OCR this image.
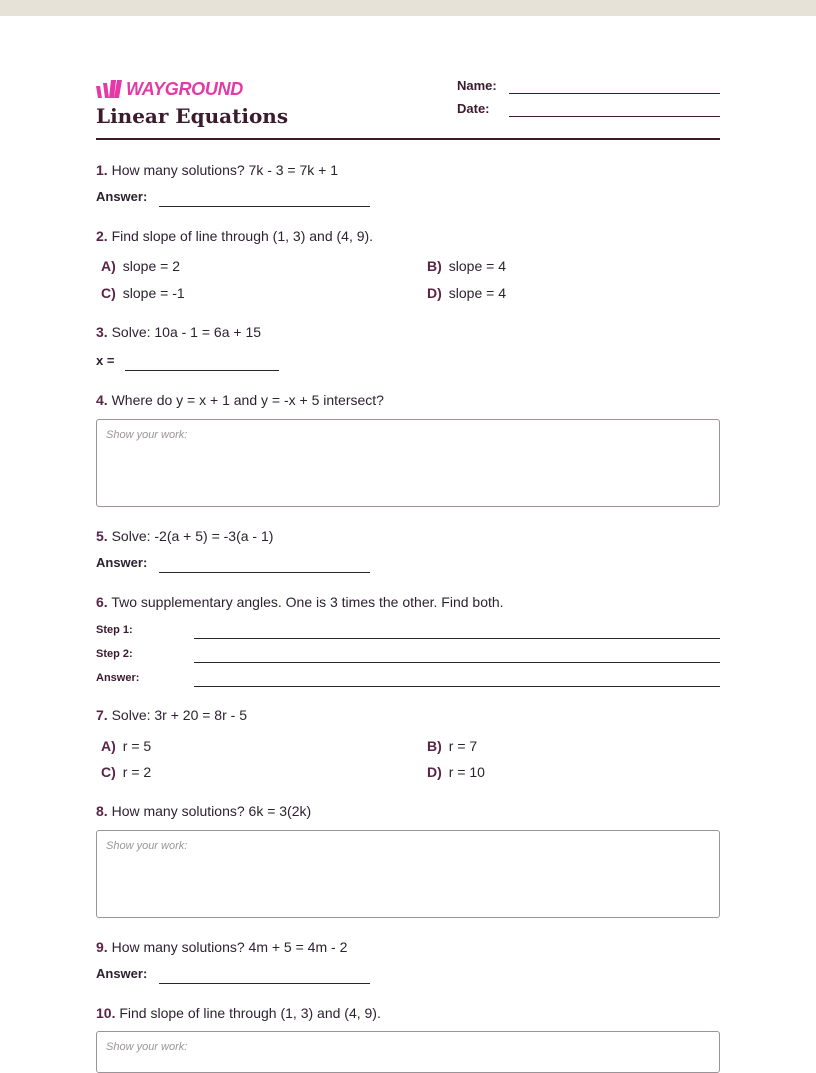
WAYGROUND
Linear Equations
Name:
Date:
1. How many solutions? 7k - 3 = 7k + 1
Answer:
2. Find slope of line through (1, 3) and (4, 9).
A) slope = 2	B) slope = 4
C) slope = -1	D) slope = 4
3. Solve: 10a - 1 = 6a + 15
x =
4. Where do y = x + 1 and y = -x + 5 intersect?
Show your work:
5. Solve: -2(a + 5) = -3(a - 1)
Answer:
6. Two supplementary angles. One is 3 times the other. Find both.
Step 1:
Step 2:
Answer:
7. Solve: 3r + 20 = 8r - 5
A) r = 5	B) r = 7
C) r = 2	D) r = 10
8. How many solutions? 6k = 3(2k)
Show your work:
9. How many solutions? 4m + 5 = 4m - 2
Answer:
10. Find slope of line through (1, 3) and (4, 9).
Show your work:
